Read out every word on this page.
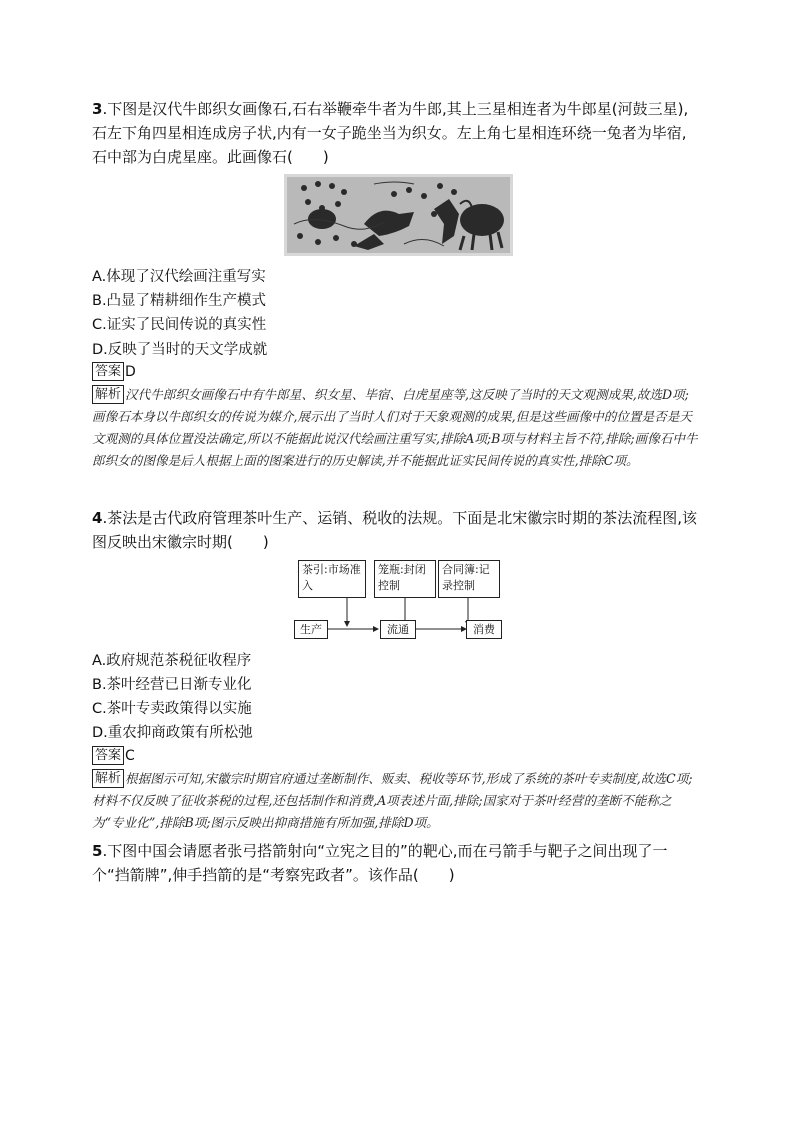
3.下图是汉代牛郎织女画像石,石右举鞭牵牛者为牛郎,其上三星相连者为牛郎星(河鼓三星),石左下角四星相连成房子状,内有一女子跪坐当为织女。左上角七星相连环绕一兔者为毕宿,石中部为白虎星座。此画像石(　　)

A.体现了汉代绘画注重写实

B.凸显了精耕细作生产模式

C.证实了民间传说的真实性

D.反映了当时的天文学成就

答案 D

解析 汉代牛郎织女画像石中有牛郎星、织女星、毕宿、白虎星座等,这反映了当时的天文观测成果,故选D项;画像石本身以牛郎织女的传说为媒介,展示出了当时人们对于天象观测的成果,但是这些画像中的位置是否是天文观测的具体位置没法确定,所以不能据此说汉代绘画注重写实,排除A项;B项与材料主旨不符,排除;画像石中牛郎织女的图像是后人根据上面的图案进行的历史解读,并不能据此证实民间传说的真实性,排除C项。

4.茶法是古代政府管理茶叶生产、运销、税收的法规。下面是北宋徽宗时期的茶法流程图,该图反映出宋徽宗时期(　　)

茶引:市场准入
笼瓶:封闭控制
合同簿:记录控制
生产	流通	消费

A.政府规范茶税征收程序

B.茶叶经营已日渐专业化

C.茶叶专卖政策得以实施

D.重农抑商政策有所松弛

答案 C

解析 根据图示可知,宋徽宗时期官府通过垄断制作、贩卖、税收等环节,形成了系统的茶叶专卖制度,故选C项;材料不仅反映了征收茶税的过程,还包括制作和消费,A项表述片面,排除;国家对于茶叶经营的垄断不能称之为“专业化”,排除B项;图示反映出抑商措施有所加强,排除D项。

5.下图中国会请愿者张弓搭箭射向“立宪之目的”的靶心,而在弓箭手与靶子之间出现了一个“挡箭牌”,伸手挡箭的是“考察宪政者”。该作品(　　)
